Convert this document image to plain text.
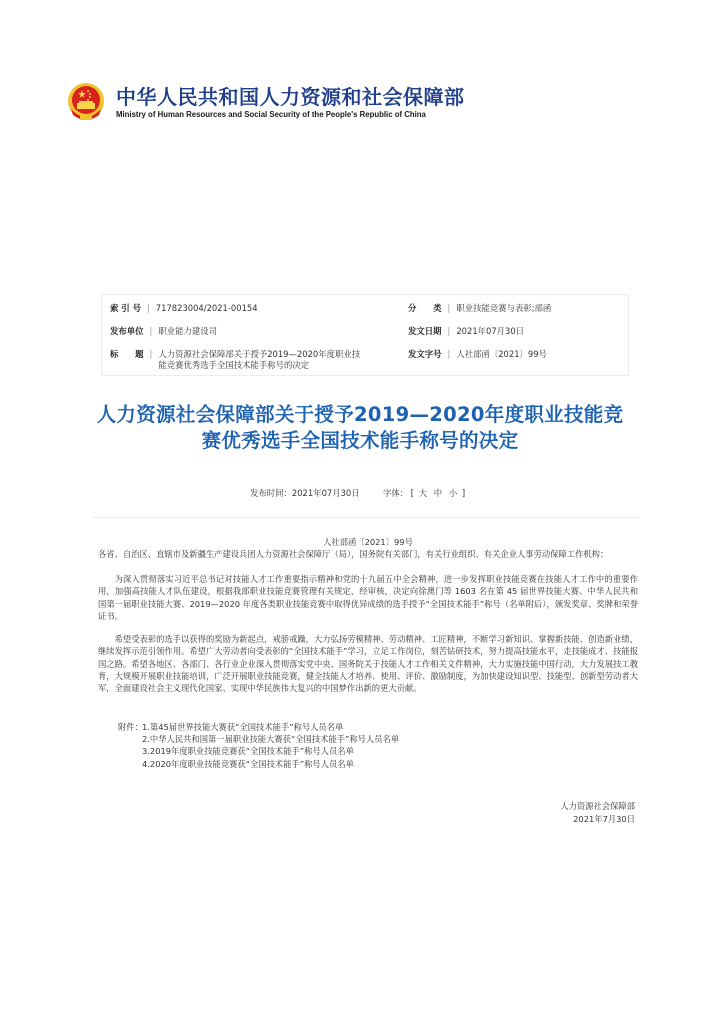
中华人民共和国人力资源和社会保障部
Ministry of Human Resources and Social Security of the People's Republic of China
索 引 号 | 717823004/2021-00154	分　　类 | 职业技能竞赛与表彰;部函
发布单位 | 职业能力建设司	发文日期 | 2021年07月30日
标　　题 | 人力资源社会保障部关于授予2019—2020年度职业技能竞赛优秀选手全国技术能手称号的决定
发文字号 | 人社部函〔2021〕99号
人力资源社会保障部关于授予2019—2020年度职业技能竞赛优秀选手全国技术能手称号的决定
发布时间：2021年07月30日	字体： [ 大 中 小 ]
人社部函〔2021〕99号
各省、自治区、直辖市及新疆生产建设兵团人力资源社会保障厅（局），国务院有关部门，有关行业组织、有关企业人事劳动保障工作机构：
为深入贯彻落实习近平总书记对技能人才工作重要指示精神和党的十九届五中全会精神，进一步发挥职业技能竞赛在技能人才工作中的重要作用，加强高技能人才队伍建设，根据我部职业技能竞赛管理有关规定，经审核，决定向徐澳门等 1603 名在第 45 届世界技能大赛、中华人民共和国第一届职业技能大赛、2019—2020 年度各类职业技能竞赛中取得优异成绩的选手授予“全国技术能手”称号（名单附后），颁发奖章、奖牌和荣誉证书。
希望受表彰的选手以获得的奖励为新起点，戒骄戒躁，大力弘扬劳模精神、劳动精神、工匠精神，不断学习新知识、掌握新技能、创造新业绩，继续发挥示范引领作用。希望广大劳动者向受表彰的“全国技术能手”学习，立足工作岗位，刻苦钻研技术，努力提高技能水平，走技能成才、技能报国之路。希望各地区、各部门、各行业企业深入贯彻落实党中央、国务院关于技能人才工作相关文件精神，大力实施技能中国行动，大力发展技工教育，大规模开展职业技能培训，广泛开展职业技能竞赛，健全技能人才培养、使用、评价、激励制度，为加快建设知识型、技能型、创新型劳动者大军，全面建设社会主义现代化国家、实现中华民族伟大复兴的中国梦作出新的更大贡献。
附件： 1.第45届世界技能大赛获“全国技术能手”称号人员名单
2.中华人民共和国第一届职业技能大赛获“全国技术能手”称号人员名单
3.2019年度职业技能竞赛获“全国技术能手”称号人员名单
4.2020年度职业技能竞赛获“全国技术能手”称号人员名单
人力资源社会保障部
2021年7月30日
